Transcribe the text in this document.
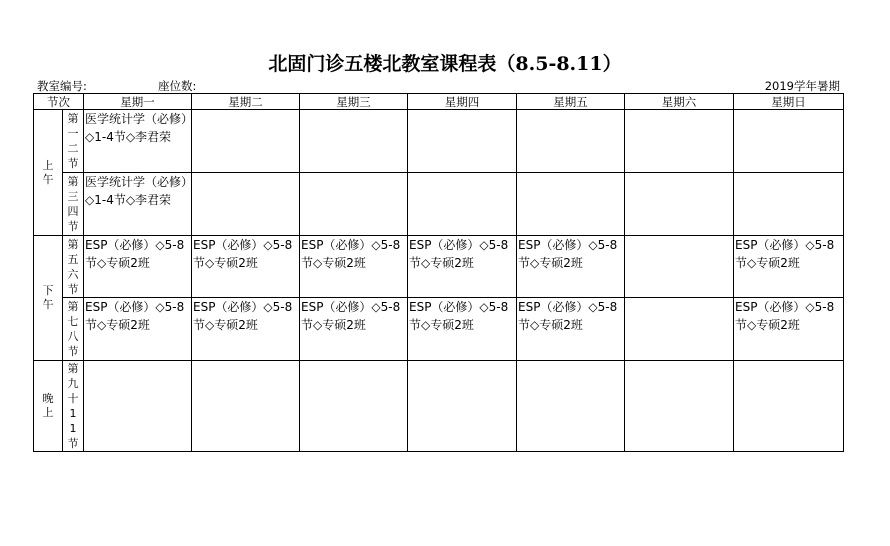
北固门诊五楼北教室课程表（8.5-8.11）
教室编号:	座位数:	2019学年暑期
节次		星期一	星期二	星期三	星期四	星期五	星期六	星期日

上午	第一二节	医学统计学（必修）◇1-4节◇李君荣						

	第三四节	医学统计学（必修）◇1-4节◇李君荣						

下午	第五六节	ESP（必修）◇5-8节◇专硕2班	ESP（必修）◇5-8节◇专硕2班	ESP（必修）◇5-8节◇专硕2班	ESP（必修）◇5-8节◇专硕2班	ESP（必修）◇5-8节◇专硕2班		ESP（必修）◇5-8节◇专硕2班

	第七八节	ESP（必修）◇5-8节◇专硕2班	ESP（必修）◇5-8节◇专硕2班	ESP（必修）◇5-8节◇专硕2班	ESP（必修）◇5-8节◇专硕2班	ESP（必修）◇5-8节◇专硕2班		ESP（必修）◇5-8节◇专硕2班

晚上	第九十11节							
